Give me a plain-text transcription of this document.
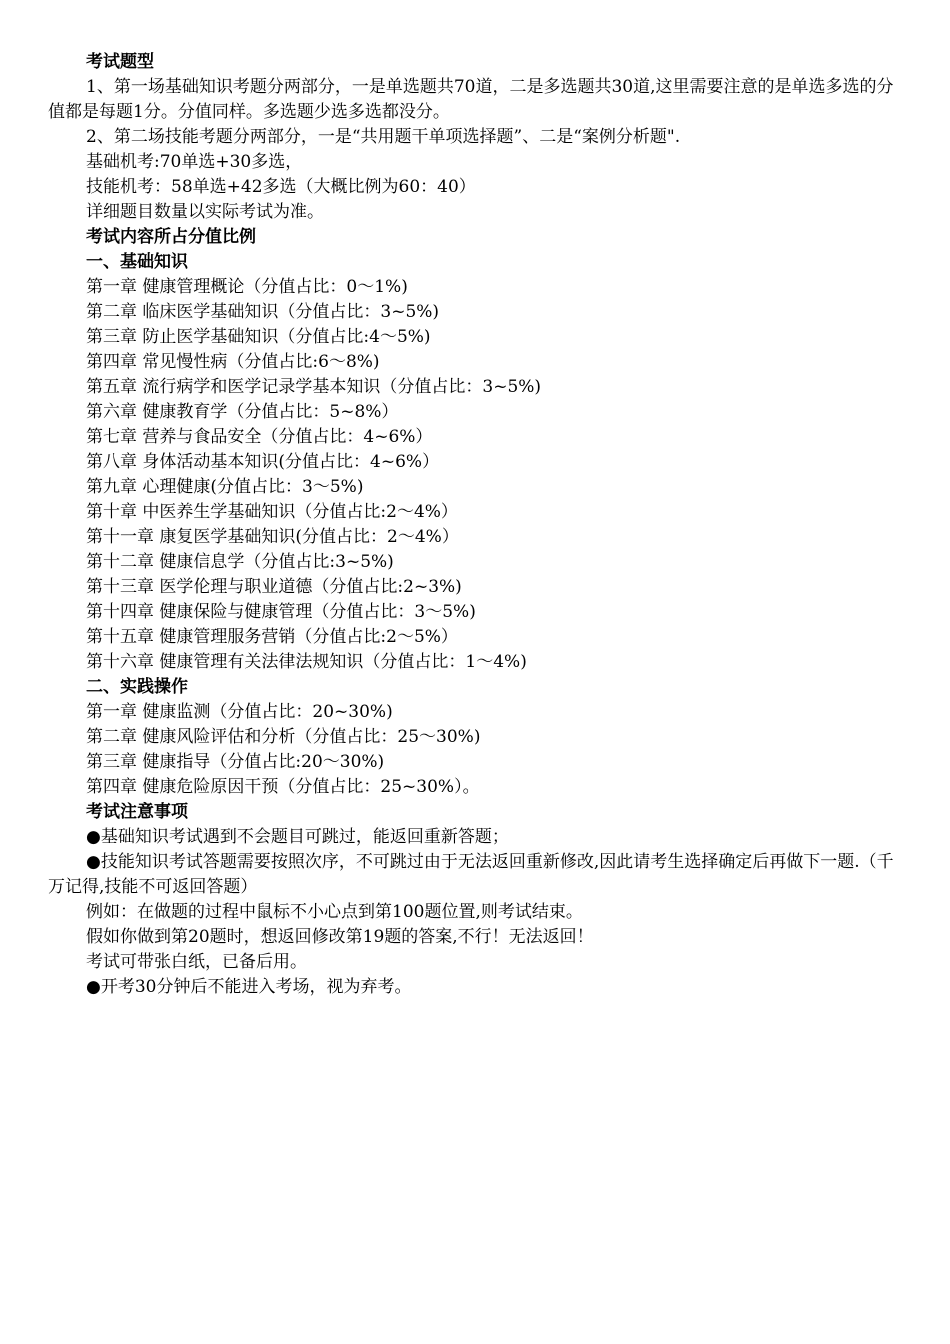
考试题型
1、第一场基础知识考题分两部分，一是单选题共70道，二是多选题共30道,这里需要注意的是单选多选的分值都是每题1分。分值同样。多选题少选多选都没分。
2、第二场技能考题分两部分，一是“共用题干单项选择题”、二是“案例分析题".
基础机考:70单选+30多选，
技能机考：58单选+42多选（大概比例为60：40）
详细题目数量以实际考试为准。
考试内容所占分值比例
一、基础知识
第一章 健康管理概论（分值占比：0～1%)
第二章 临床医学基础知识（分值占比：3~5%)
第三章 防止医学基础知识（分值占比:4～5%)
第四章 常见慢性病（分值占比:6～8%)
第五章 流行病学和医学记录学基本知识（分值占比：3~5%)
第六章 健康教育学（分值占比：5~8%）
第七章 营养与食品安全（分值占比：4~6%）
第八章 身体活动基本知识(分值占比：4~6%）
第九章 心理健康(分值占比：3～5%)
第十章 中医养生学基础知识（分值占比:2～4%）
第十一章 康复医学基础知识(分值占比：2～4%）
第十二章 健康信息学（分值占比:3~5%)
第十三章 医学伦理与职业道德（分值占比:2~3%)
第十四章 健康保险与健康管理（分值占比：3～5%)
第十五章 健康管理服务营销（分值占比:2～5%）
第十六章 健康管理有关法律法规知识（分值占比：1～4%)
二、实践操作
第一章 健康监测（分值占比：20~30%)
第二章 健康风险评估和分析（分值占比：25～30%)
第三章 健康指导（分值占比:20～30%)
第四章 健康危险原因干预（分值占比：25~30%）。
考试注意事项
●基础知识考试遇到不会题目可跳过，能返回重新答题；
●技能知识考试答题需要按照次序，不可跳过由于无法返回重新修改,因此请考生选择确定后再做下一题.（千万记得,技能不可返回答题）
例如：在做题的过程中鼠标不小心点到第100题位置,则考试结束。
假如你做到第20题时，想返回修改第19题的答案,不行！无法返回！
考试可带张白纸，已备后用。
●开考30分钟后不能进入考场，视为弃考。
